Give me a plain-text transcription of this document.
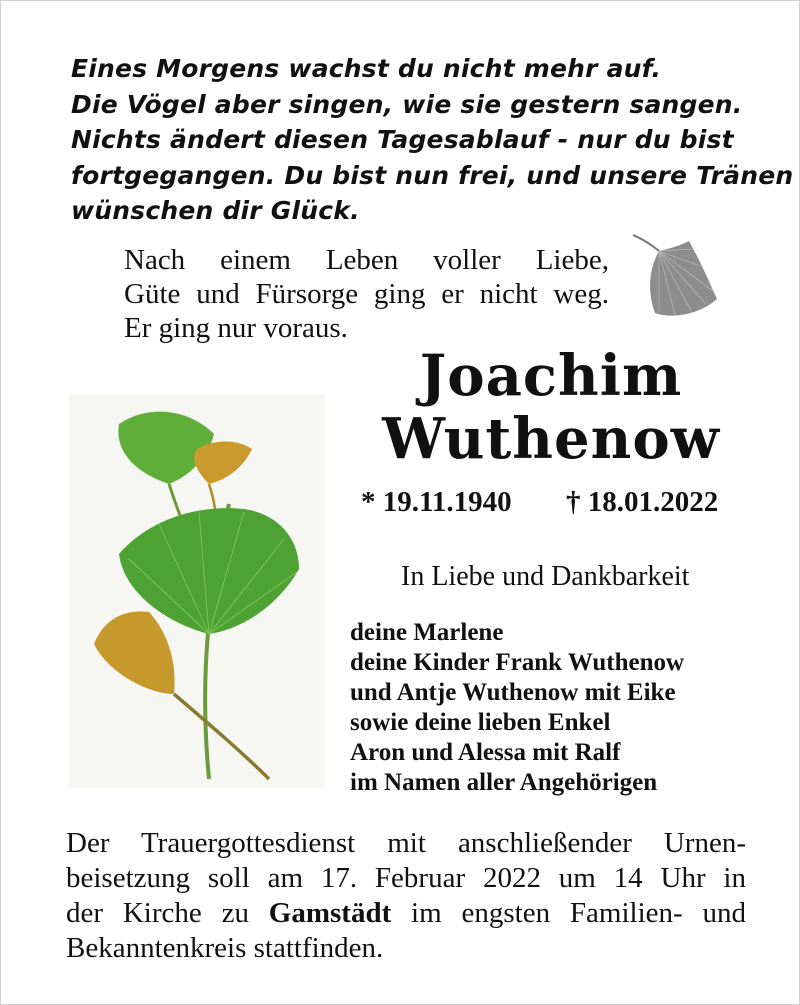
Eines Morgens wachst du nicht mehr auf.
Die Vögel aber singen, wie sie gestern sangen.
Nichts ändert diesen Tagesablauf - nur du bist
fortgegangen. Du bist nun frei, und unsere Tränen
wünschen dir Glück.
Nach einem Leben voller Liebe,
Güte und Fürsorge ging er nicht weg.
Er ging nur voraus.
Joachim
Wuthenow
* 19.11.1940 † 18.01.2022
In Liebe und Dankbarkeit
deine Marlene
deine Kinder Frank Wuthenow
und Antje Wuthenow mit Eike
sowie deine lieben Enkel
Aron und Alessa mit Ralf
im Namen aller Angehörigen
Der Trauergottesdienst mit anschließender Urnen-
beisetzung soll am 17. Februar 2022 um 14 Uhr in
der Kirche zu Gamstädt im engsten Familien- und
Bekanntenkreis stattfinden.
